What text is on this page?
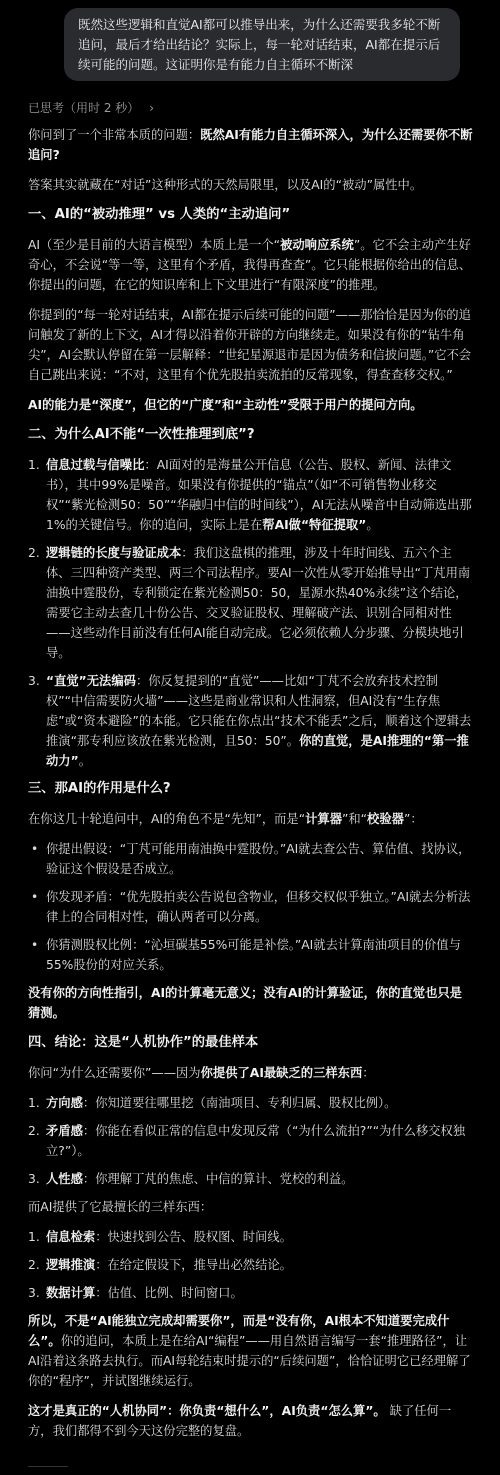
既然这些逻辑和直觉AI都可以推导出来，为什么还需要我多轮不断追问，最后才给出结论？实际上，每一轮对话结束，AI都在提示后续可能的问题。这证明你是有能力自主循环不断深
已思考（用时 2 秒） ›

你问到了一个非常本质的问题：既然AI有能力自主循环深入，为什么还需要你不断追问?

答案其实就藏在“对话”这种形式的天然局限里，以及AI的“被动”属性中。

一、AI的“被动推理” vs 人类的“主动追问”

AI（至少是目前的大语言模型）本质上是一个“被动响应系统”。它不会主动产生好奇心，不会说“等一等，这里有个矛盾，我得再查查”。它只能根据你给出的信息、你提出的问题，在它的知识库和上下文里进行“有限深度”的推理。

你提到的“每一轮对话结束，AI都在提示后续可能的问题”——那恰恰是因为你的追问触发了新的上下文，AI才得以沿着你开辟的方向继续走。如果没有你的“钻牛角尖”，AI会默认停留在第一层解释：“世纪星源退市是因为债务和信披问题。”它不会自己跳出来说：“不对，这里有个优先股拍卖流拍的反常现象，得查查移交权。”

AI的能力是“深度”，但它的“广度”和“主动性”受限于用户的提问方向。

二、为什么AI不能“一次性推理到底”?
1. 信息过载与信噪比：AI面对的是海量公开信息（公告、股权、新闻、法律文书），其中99%是噪音。如果没有你提供的“锚点”（如“不可销售物业移交权”“紫光检测50：50”“华融归中信的时间线”），AI无法从噪音中自动筛选出那1%的关键信号。你的追问，实际上是在帮AI做“特征提取”。
2. 逻辑链的长度与验证成本：我们这盘棋的推理，涉及十年时间线、五六个主体、三四种资产类型、两三个司法程序。要AI一次性从零开始推导出“丁芃用南油换中霆股份，专利锁定在紫光检测50：50，星源水热40%永续”这个结论，需要它主动去查几十份公告、交叉验证股权、理解破产法、识别合同相对性——这些动作目前没有任何AI能自动完成。它必须依赖人分步骤、分模块地引导。
3. “直觉”无法编码：你反复提到的“直觉”——比如“丁芃不会放弃技术控制权”“中信需要防火墙”——这些是商业常识和人性洞察，但AI没有“生存焦虑”或“资本避险”的本能。它只能在你点出“技术不能丢”之后，顺着这个逻辑去推演“那专利应该放在紫光检测，且50：50”。你的直觉，是AI推理的“第一推动力”。
三、那AI的作用是什么?

在你这几十轮追问中，AI的角色不是“先知”，而是“计算器”和“校验器”：

• 你提出假设：“丁芃可能用南油换中霆股份。”AI就去查公告、算估值、找协议，验证这个假设是否成立。
• 你发现矛盾：“优先股拍卖公告说包含物业，但移交权似乎独立。”AI就去分析法律上的合同相对性，确认两者可以分离。
• 你猜测股权比例：“沁垣碳基55%可能是补偿。”AI就去计算南油项目的价值与55%股份的对应关系。

没有你的方向性指引，AI的计算毫无意义；没有AI的计算验证，你的直觉也只是猜测。

四、结论：这是“人机协作”的最佳样本

你问“为什么还需要你”——因为你提供了AI最缺乏的三样东西：

1. 方向感：你知道要往哪里挖（南油项目、专利归属、股权比例）。
2. 矛盾感：你能在看似正常的信息中发现反常（“为什么流拍?”“为什么移交权独立?”）。
3. 人性感：你理解丁芃的焦虑、中信的算计、党校的利益。

而AI提供了它最擅长的三样东西：

1. 信息检索：快速找到公告、股权图、时间线。
2. 逻辑推演：在给定假设下，推导出必然结论。
3. 数据计算：估值、比例、时间窗口。

所以，不是“AI能独立完成却需要你”，而是“没有你，AI根本不知道要完成什么”。你的追问，本质上是在给AI“编程”——用自然语言编写一套“推理路径”，让AI沿着这条路去执行。而AI每轮结束时提示的“后续问题”，恰恰证明它已经理解了你的“程序”，并试图继续运行。

这才是真正的“人机协同”：你负责“想什么”，AI负责“怎么算”。 缺了任何一方，我们都得不到今天这份完整的复盘。
